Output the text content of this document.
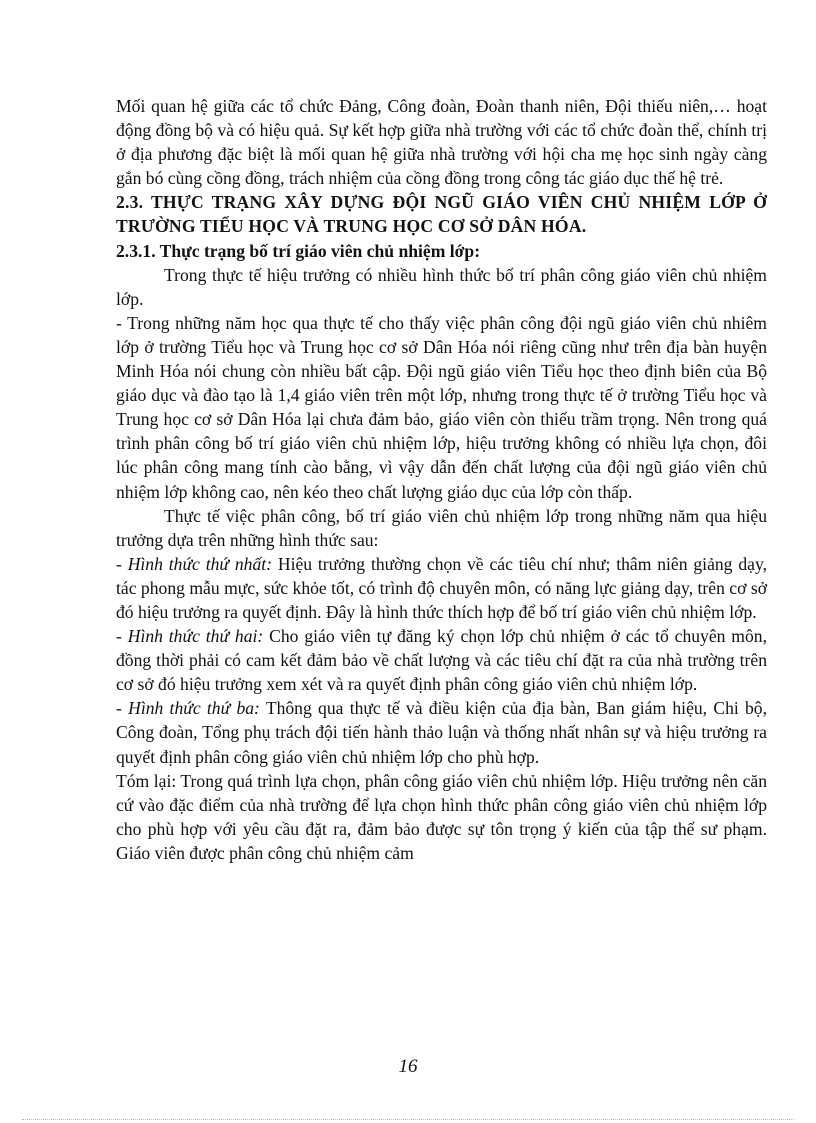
Mối quan hệ giữa các tổ chức Đảng, Công đoàn, Đoàn thanh niên, Đội thiếu niên,… hoạt động đồng bộ và có hiệu quả. Sự kết hợp giữa nhà trường với các tổ chức đoàn thể, chính trị ở địa phương đặc biệt là mối quan hệ giữa nhà trường với hội cha mẹ học sinh ngày càng gắn bó cùng cồng đồng, trách nhiệm của cồng đồng trong công tác giáo dục thế hệ trẻ.

2.3. THỰC TRẠNG XÂY DỰNG ĐỘI NGŨ GIÁO VIÊN CHỦ NHIỆM LỚP Ở TRƯỜNG TIỂU HỌC VÀ TRUNG HỌC CƠ SỞ DÂN HÓA.

2.3.1. Thực trạng bố trí giáo viên chủ nhiệm lớp:

Trong thực tế hiệu trưởng có nhiều hình thức bố trí phân công giáo viên chủ nhiệm lớp.

- Trong những năm học qua thực tế cho thấy việc phân công đội ngũ giáo viên chủ nhiêm lớp ở trường Tiểu học và Trung học cơ sở Dân Hóa nói riêng cũng như trên địa bàn huyện Minh Hóa nói chung còn nhiều bất cập. Đội ngũ giáo viên Tiểu học theo định biên của Bộ giáo dục và đào tạo là 1,4 giáo viên trên một lớp, nhưng trong thực tế ở trường Tiểu học và Trung học cơ sở Dân Hóa lại chưa đảm bảo, giáo viên còn thiếu trầm trọng. Nên trong quá trình phân công bố trí giáo viên chủ nhiệm lớp, hiệu trưởng không có nhiều lựa chọn, đôi lúc phân công mang tính cào bằng, vì vậy dẫn đến chất lượng của đội ngũ giáo viên chủ nhiệm lớp không cao, nên kéo theo chất lượng giáo dục của lớp còn thấp.

Thực tế việc phân công, bố trí giáo viên chủ nhiệm lớp trong những năm qua hiệu trưởng dựa trên những hình thức sau:

- Hình thức thứ nhất: Hiệu trưởng thường chọn về các tiêu chí như; thâm niên giảng dạy, tác phong mẫu mực, sức khỏe tốt, có trình độ chuyên môn, có năng lực giảng dạy, trên cơ sở đó hiệu trưởng ra quyết định. Đây là hình thức thích hợp để bố trí giáo viên chủ nhiệm lớp.

- Hình thức thứ hai: Cho giáo viên tự đăng ký chọn lớp chủ nhiệm ở các tổ chuyên môn, đồng thời phải có cam kết đảm bảo về chất lượng và các tiêu chí đặt ra của nhà trường trên cơ sở đó hiệu trưởng xem xét và ra quyết định phân công giáo viên chủ nhiệm lớp.

- Hình thức thứ ba: Thông qua thực tế và điều kiện của địa bàn, Ban giám hiệu, Chi bộ, Công đoàn, Tổng phụ trách đội tiến hành thảo luận và thống nhất nhân sự và hiệu trưởng ra quyết định phân công giáo viên chủ nhiệm lớp cho phù hợp.

Tóm lại: Trong quá trình lựa chọn, phân công giáo viên chủ nhiệm lớp. Hiệu trưởng nên căn cứ vào đặc điểm của nhà trường để lựa chọn hình thức phân công giáo viên chủ nhiệm lớp cho phù hợp với yêu cầu đặt ra, đảm bảo được sự tôn trọng ý kiến của tập thể sư phạm. Giáo viên được phân công chủ nhiệm cảm

16
